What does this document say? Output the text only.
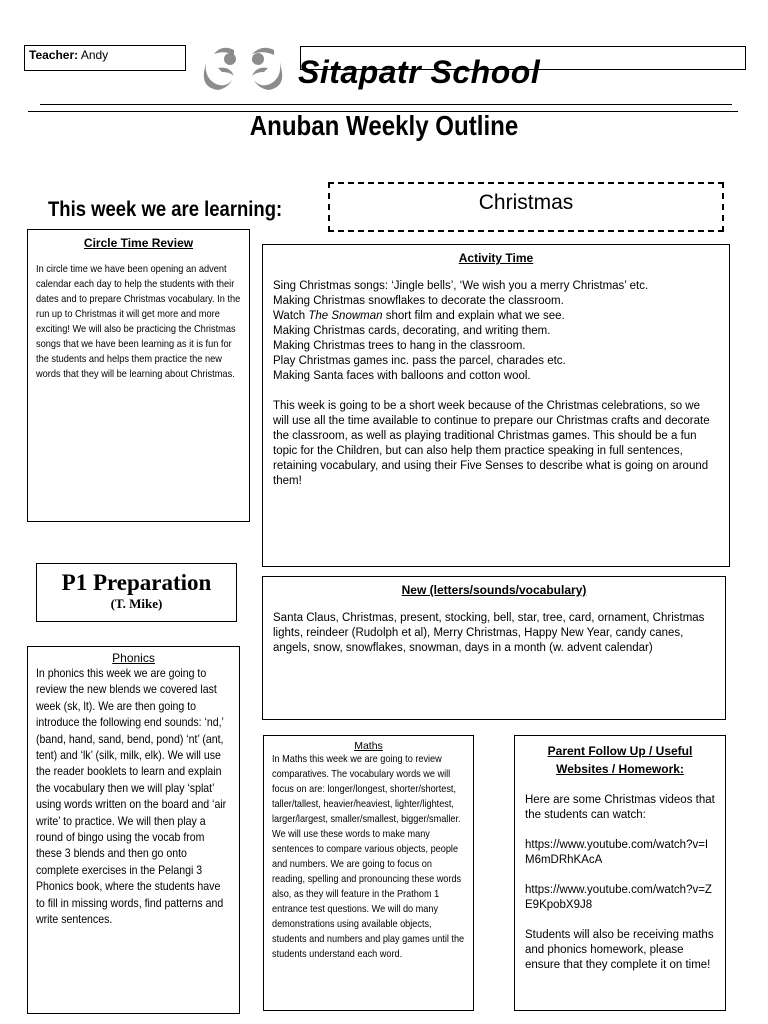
Teacher: Andy	Sitapatr School
Anuban Weekly Outline
This week we are learning:	Christmas
Circle Time Review
In circle time we have been opening an advent calendar each day to help the students with their dates and to prepare Christmas vocabulary. In the run up to Christmas it will get more and more exciting! We will also be practicing the Christmas songs that we have been learning as it is fun for the students and helps them practice the new words that they will be learning about Christmas.
Activity Time
Sing Christmas songs: ‘Jingle bells’, ‘We wish you a merry Christmas’ etc.
Making Christmas snowflakes to decorate the classroom.
Watch The Snowman short film and explain what we see.
Making Christmas cards, decorating, and writing them.
Making Christmas trees to hang in the classroom.
Play Christmas games inc. pass the parcel, charades etc.
Making Santa faces with balloons and cotton wool.
This week is going to be a short week because of the Christmas celebrations, so we will use all the time available to continue to prepare our Christmas crafts and decorate the classroom, as well as playing traditional Christmas games. This should be a fun topic for the Children, but can also help them practice speaking in full sentences, retaining vocabulary, and using their Five Senses to describe what is going on around them!
P1 Preparation
(T. Mike)
Phonics
In phonics this week we are going to review the new blends we covered last week (sk, lt). We are then going to introduce the following end sounds: ‘nd,’ (band, hand, sand, bend, pond) ‘nt’ (ant, tent) and ‘lk’ (silk, milk, elk). We will use the reader booklets to learn and explain the vocabulary then we will play ‘splat’ using words written on the board and ‘air write’ to practice. We will then play a round of bingo using the vocab from these 3 blends and then go onto complete exercises in the Pelangi 3 Phonics book, where the students have to fill in missing words, find patterns and write sentences.
New (letters/sounds/vocabulary)
Santa Claus, Christmas, present, stocking, bell, star, tree, card, ornament, Christmas lights, reindeer (Rudolph et al), Merry Christmas, Happy New Year, candy canes, angels, snow, snowflakes, snowman, days in a month (w. advent calendar)
Maths
In Maths this week we are going to review comparatives. The vocabulary words we will focus on are: longer/longest, shorter/shortest, taller/tallest, heavier/heaviest, lighter/lightest, larger/largest, smaller/smallest, bigger/smaller. We will use these words to make many sentences to compare various objects, people and numbers. We are going to focus on reading, spelling and pronouncing these words also, as they will feature in the Prathom 1 entrance test questions. We will do many demonstrations using available objects, students and numbers and play games until the students understand each word.
Parent Follow Up / Useful Websites / Homework:

Here are some Christmas videos that the students can watch:

https://www.youtube.com/watch?v=IM6mDRhKAcA

https://www.youtube.com/watch?v=ZE9KpobX9J8

Students will also be receiving maths and phonics homework, please ensure that they complete it on time!
